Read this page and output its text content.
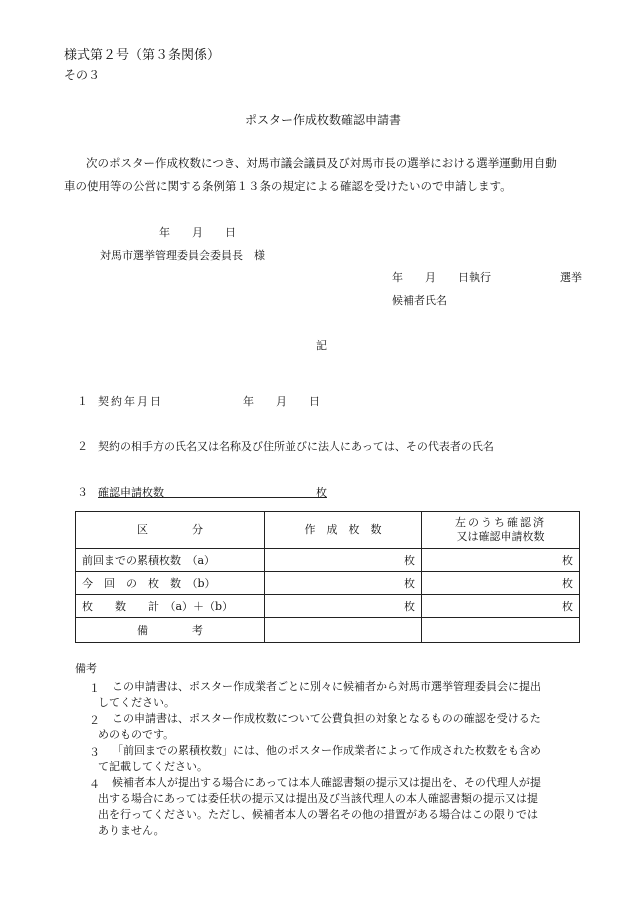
様式第２号（第３条関係）
その３
ポスター作成枚数確認申請書
次のポスター作成枚数につき、対馬市議会議員及び対馬市長の選挙における選挙運動用自動
車の使用等の公営に関する条例第１３条の規定による確認を受けたいので申請します。
年　　月　　日
対馬市選挙管理委員会委員長　様
年　　月　　日執行	選挙
候補者氏名
記
１ 契約年月日	年　　月　　日
２ 契約の相手方の氏名又は名称及び住所並びに法人にあっては、その代表者の氏名
３ 確認申請枚数	枚
区　　　　分	作　成　枚　数	左のうち確認済
又は確認申請枚数

前回までの累積枚数　（a）	枚	枚
今　回　の　枚　数　（b）	枚	枚
枚　　数　　計　（a）＋（b）	枚	枚
備　　　　考		
備考
１ この申請書は、ポスター作成業者ごとに別々に候補者から対馬市選挙管理委員会に提出
してください。
２ この申請書は、ポスター作成枚数について公費負担の対象となるものの確認を受けるた
めのものです。
３ 「前回までの累積枚数」には、他のポスター作成業者によって作成された枚数をも含め
て記載してください。
４ 候補者本人が提出する場合にあっては本人確認書類の提示又は提出を、その代理人が提
出する場合にあっては委任状の提示又は提出及び当該代理人の本人確認書類の提示又は提
出を行ってください。ただし、候補者本人の署名その他の措置がある場合はこの限りでは
ありません。
